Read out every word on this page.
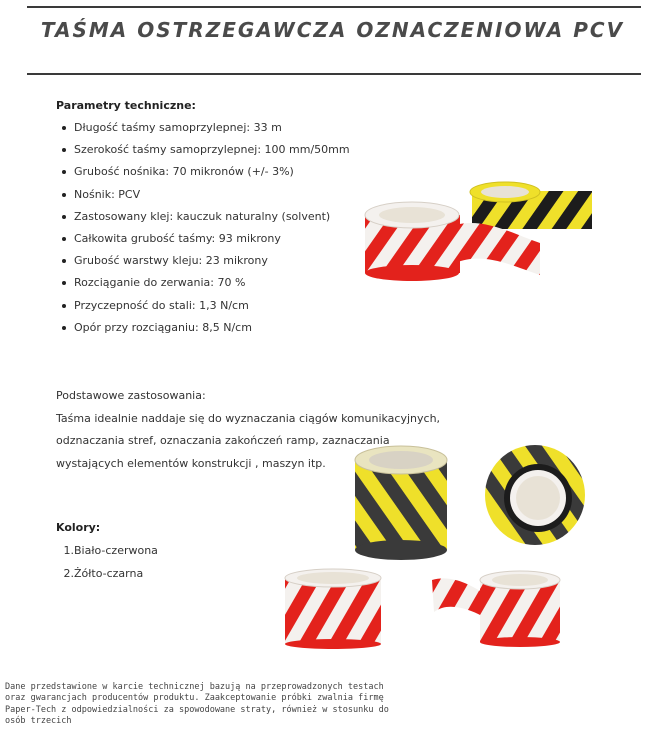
TAŚMA OSTRZEGAWCZA OZNACZENIOWA PCV
Parametry techniczne:
Długość taśmy samoprzylepnej: 33 m
Szerokość taśmy samoprzylepnej: 100 mm/50mm
Grubość nośnika: 70 mikronów (+/- 3%)
Nośnik: PCV
Zastosowany klej: kauczuk naturalny (solvent)
Całkowita grubość taśmy: 93 mikrony
Grubość warstwy kleju: 23 mikrony
Rozciąganie do zerwania: 70 %
Przyczepność do stali: 1,3 N/cm
Opór przy rozciąganiu: 8,5 N/cm
Podstawowe zastosowania:
Taśma idealnie naddaje się do wyznaczania ciągów komunikacyjnych,
odznaczania stref, oznaczania zakończeń ramp, zaznaczania
wystających elementów konstrukcji , maszyn itp.
Kolory:
1.Biało-czerwona
2.Żółto-czarna
Dane przedstawione w karcie technicznej bazują na przeprowadzonych testach
oraz gwarancjach producentów produktu. Zaakceptowanie próbki zwalnia firmę
Paper-Tech z odpowiedzialności za spowodowane straty, również w stosunku do
osób trzecich
